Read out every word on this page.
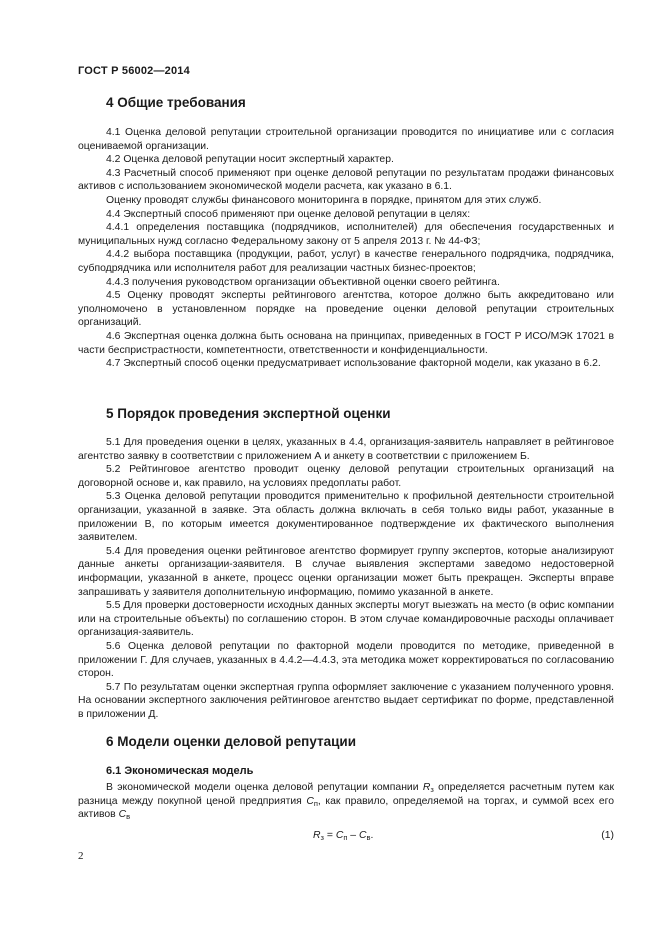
ГОСТ Р 56002—2014
4 Общие требования

4.1 Оценка деловой репутации строительной организации проводится по инициативе или с согласия оцениваемой организации.

4.2 Оценка деловой репутации носит экспертный характер.

4.3 Расчетный способ применяют при оценке деловой репутации по результатам продажи финансовых активов с использованием экономической модели расчета, как указано в 6.1.

Оценку проводят службы финансового мониторинга в порядке, принятом для этих служб.

4.4 Экспертный способ применяют при оценке деловой репутации в целях:

4.4.1 определения поставщика (подрядчиков, исполнителей) для обеспечения государственных и муниципальных нужд согласно Федеральному закону от 5 апреля 2013 г. № 44-ФЗ;

4.4.2 выбора поставщика (продукции, работ, услуг) в качестве генерального подрядчика, подрядчика, субподрядчика или исполнителя работ для реализации частных бизнес-проектов;

4.4.3 получения руководством организации объективной оценки своего рейтинга.

4.5 Оценку проводят эксперты рейтингового агентства, которое должно быть аккредитовано или уполномочено в установленном порядке на проведение оценки деловой репутации строительных организаций.

4.6 Экспертная оценка должна быть основана на принципах, приведенных в ГОСТ Р ИСО/МЭК 17021 в части беспристрастности, компетентности, ответственности и конфиденциальности.

4.7 Экспертный способ оценки предусматривает использование факторной модели, как указано в 6.2.

5 Порядок проведения экспертной оценки

5.1 Для проведения оценки в целях, указанных в 4.4, организация-заявитель направляет в рейтинговое агентство заявку в соответствии с приложением А и анкету в соответствии с приложением Б.

5.2 Рейтинговое агентство проводит оценку деловой репутации строительных организаций на договорной основе и, как правило, на условиях предоплаты работ.

5.3 Оценка деловой репутации проводится применительно к профильной деятельности строительной организации, указанной в заявке. Эта область должна включать в себя только виды работ, указанные в приложении В, по которым имеется документированное подтверждение их фактического выполнения заявителем.

5.4 Для проведения оценки рейтинговое агентство формирует группу экспертов, которые анализируют данные анкеты организации-заявителя. В случае выявления экспертами заведомо недостоверной информации, указанной в анкете, процесс оценки организации может быть прекращен. Эксперты вправе запрашивать у заявителя дополнительную информацию, помимо указанной в анкете.

5.5 Для проверки достоверности исходных данных эксперты могут выезжать на место (в офис компании или на строительные объекты) по соглашению сторон. В этом случае командировочные расходы оплачивает организация-заявитель.

5.6 Оценка деловой репутации по факторной модели проводится по методике, приведенной в приложении Г. Для случаев, указанных в 4.4.2—4.4.3, эта методика может корректироваться по согласованию сторон.

5.7 По результатам оценки экспертная группа оформляет заключение с указанием полученного уровня. На основании экспертного заключения рейтинговое агентство выдает сертификат по форме, представленной в приложении Д.

6 Модели оценки деловой репутации
6.1 Экономическая модель

В экономической модели оценка деловой репутации компании $R_з$ определяется расчетным путем как разница между покупной ценой предприятия $C_п$, как правило, определяемой на торгах, и суммой всех его активов $C_в$

$R_з = C_п - C_в$.	(1)
2
